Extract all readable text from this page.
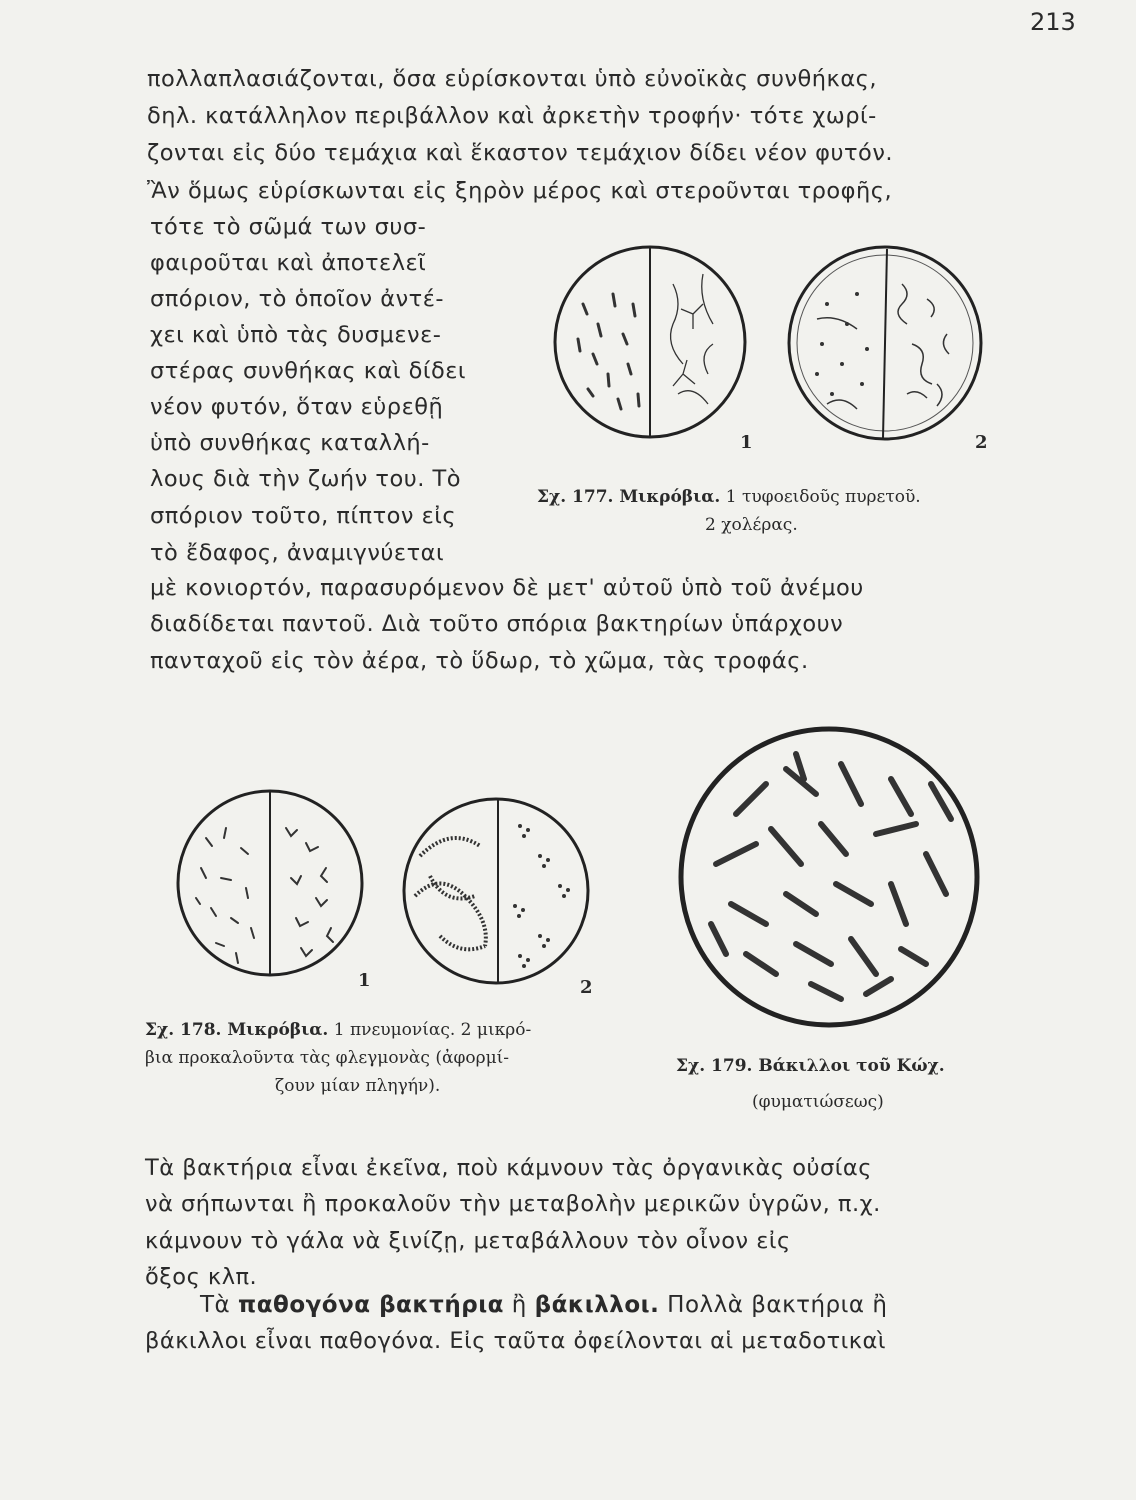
213
πολλαπλασιάζονται, ὅσα εὑρίσκονται ὑπὸ εὐνοϊκὰς συνθήκας,
δηλ. κατάλληλον περιβάλλον καὶ ἀρκετὴν τροφήν· τότε χωρί-
ζονται εἰς δύο τεμάχια καὶ ἕκαστον τεμάχιον δίδει νέον φυτόν.
Ἂν ὅμως εὑρίσκωνται εἰς ξηρὸν μέρος καὶ στεροῦνται τροφῆς,
τότε τὸ σῶμά των συσ-
φαιροῦται καὶ ἀποτελεῖ
σπόριον, τὸ ὁποῖον ἀντέ-
χει καὶ ὑπὸ τὰς δυσμενε-
στέρας συνθήκας καὶ δίδει
νέον φυτόν, ὅταν εὑρεθῇ
ὑπὸ συνθήκας καταλλή-
λους διὰ τὴν ζωήν του. Τὸ
σπόριον τοῦτο, πίπτον εἰς
τὸ ἔδαφος, ἀναμιγνύεται
1	2
Σχ. 177. Μικρόβια. 1 τυφοειδοῦς πυρετοῦ.
2 χολέρας.
μὲ κονιορτόν, παρασυρόμενον δὲ μετ' αὐτοῦ ὑπὸ τοῦ ἀνέμου
διαδίδεται παντοῦ. Διὰ τοῦτο σπόρια βακτηρίων ὑπάρχουν
πανταχοῦ εἰς τὸν ἀέρα, τὸ ὕδωρ, τὸ χῶμα, τὰς τροφάς.
1	2
Σχ. 178. Μικρόβια. 1 πνευμονίας. 2 μικρό-
βια προκαλοῦντα τὰς φλεγμονὰς (ἀφορμί-
ζουν μίαν πληγήν).
Σχ. 179. Βάκιλλοι τοῦ Κώχ.
(φυματιώσεως)
Τὰ βακτήρια εἶναι ἐκεῖνα, ποὺ κάμνουν τὰς ὀργανικὰς οὐσίας
νὰ σήπωνται ἢ προκαλοῦν τὴν μεταβολὴν μερικῶν ὑγρῶν, π.χ.
κάμνουν τὸ γάλα νὰ ξινίζῃ, μεταβάλλουν τὸν οἶνον εἰς
ὄξος κλπ.
Τὰ παθογόνα βακτήρια ἢ βάκιλλοι. Πολλὰ βακτήρια ἢ
βάκιλλοι εἶναι παθογόνα. Εἰς ταῦτα ὀφείλονται αἱ μεταδοτικαὶ
